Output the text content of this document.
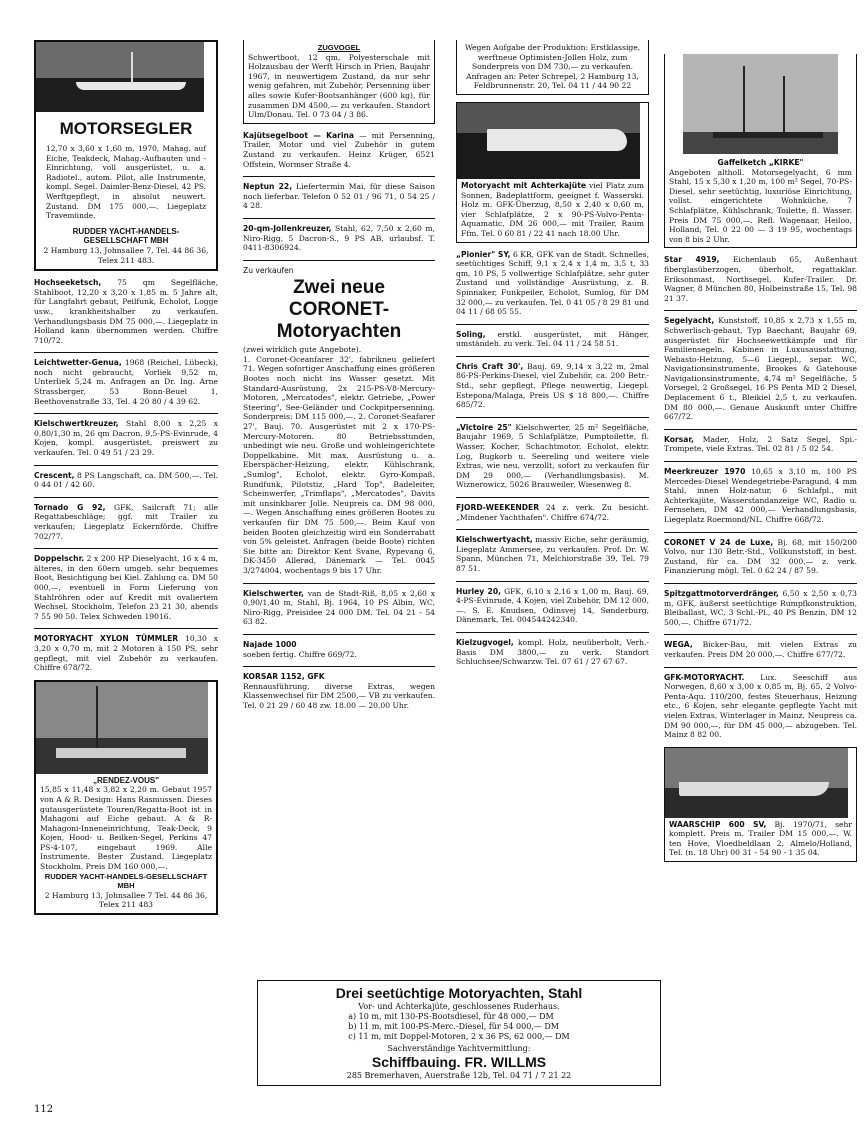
MOTORSEGLER
12,70 x 3,60 x 1,60 m, 1970, Mahag. auf Eiche, Teakdeck, Mahag.-Aufbauten und -Einrichtung, voll ausgerüstet, u. a. Radiotel., autom. Pilot, alle Instrumente, kompl. Segel. Daimler-Benz-Diesel, 42 PS. Werftgepflegt, in absolut neuwert. Zustand. DM 175 000,—. Liegeplatz Travemünde.
RUDDER YACHT-HANDELS-GESELLSCHAFT MBH
2 Hamburg 13, Johnsallee 7, Tel. 44 86 36, Telex 211 483.

Hochseeketsch, 75 qm Segelfläche, Stahlboot, 12,20 x 3,20 x 1,85 m. 5 Jahre alt, für Langfahrt gebaut, Peilfunk, Echolot, Logge usw., krankheitshalber zu verkaufen. Verhandlungsbasis DM 75 000,—. Liegeplatz in Holland kann übernommen werden. Chiffre 710/72.

Leichtwetter-Genua, 1968 (Reichel, Lübeck), noch nicht gebraucht, Vorliek 9,52 m, Unterliek 5,24 m. Anfragen an Dr. Ing. Arne Strassberger, 53 Bonn-Beuel 1, Beethovenstraße 33, Tel. 4 20 80 / 4 39 62.

Kielschwertkreuzer, Stahl 8,00 x 2,25 x 0,80/1,30 m, 26 qm Dacron, 9,5-PS-Evinrude, 4 Kojen, kompl. ausgerüstet, preiswert zu verkaufen. Tel. 0 49 51 / 23 29.

Crescent, 8 PS Langschaft, ca. DM 500,—. Tel. 0 44 01 / 42 60.

Tornado G 92, GFK, Sailcraft 71; alle Regattabeschläge; ggf. mit Trailer zu verkaufen; Liegeplatz Eckernförde. Chiffre 702/77.

Doppelschr. 2 x 200 HP Dieselyacht, 16 x 4 m, älteres, in den 60ern umgeb. sehr bequemes Boot, Besichtigung bei Kiel. Zahlung ca. DM 50 000,—, eventuell in Form Lieferung von Stahlröhren oder auf Kredit mit ovaliertem Wechsel. Stockholm, Telefon 23 21 30, abends 7 55 90 50. Telex Schweden 19016.

MOTORYACHT XYLON TÜMMLER 10,30 x 3,20 x 0,70 m, mit 2 Motoren à 150 PS, sehr gepflegt, mit viel Zubehör zu verkaufen. Chiffre 678/72.

„RENDEZ-VOUS"
15,85 x 11,48 x 3,82 x 2,20 m. Gebaut 1957 von A & R. Design: Hans Rasmussen. Dieses gutausgerüstete Touren/Regatta-Boot ist in Mahagoni auf Eiche gebaut. A & R-Mahagoni-Inneneinrichtung, Teak-Deck, 9 Kojen, Hood- u. Beilken-Segel, Perkins 47 PS-4-107, eingebaut 1969. Alle Instrumente. Bester Zustand. Liegeplatz Stockholm. Preis DM 160 000,—.
RUDDER YACHT-HANDELS-GESELLSCHAFT MBH
2 Hamburg 13, Johnsallee 7 Tel. 44 86 36, Telex 211 483
ZUGVOGEL
Schwertboot, 12 qm, Polyesterschale mit Holzausbau der Werft Hirsch in Prien, Baujahr 1967, in neuwertigem Zustand, da nur sehr wenig gefahren, mit Zubehör, Persenning über alles sowie Kufer-Bootsanhänger (600 kg), für zusammen DM 4500,— zu verkaufen. Standort Ulm/Donau. Tel. 0 73 04 / 3 86.

Kajütsegelboot — Karina — mit Persenning, Trailer, Motor und viel Zubehör in gutem Zustand zu verkaufen. Heinz Krüger, 6521 Offstein, Wormser Straße 4.

Neptun 22, Liefertermin Mai, für diese Saison noch lieferbar. Telefon 0 52 01 / 96 71, 0 54 25 / 4 28.

20-qm-Jollenkreuzer, Stahl, 62, 7,50 x 2,60 m, Niro-Rigg, 5 Dacron-S., 9 PS AB, urlaubsf. T. 0411-8306924.

Zu verkaufen
Zwei neue CORONET-Motoryachten
(zwei wirklich gute Angebote).
1. Coronet-Oceanfarer 32', fabrikneu geliefert 71. Wegen sofortiger Anschaffung eines größeren Bootes noch nicht ins Wasser gesetzt. Mit Standard-Ausrüstung, 2x 215-PS-V8-Mercury-Motoren, „Mercatodes", elektr. Getriebe, „Power Steering", See-Geländer und Cockpitpersenning. Sonderpreis: DM 115 000,—. 2. Coronet-Seafarer 27', Bauj. 70. Ausgerüstet mit 2 x 170-PS-Mercury-Motoren. 80 Betriebsstunden, unbedingt wie neu. Große und wohleingerichtete Doppelkabine. Mit max. Ausrüstung u. a. Eberspächer-Heizung, elektr. Kühlschrank, „Sumlog", Echolot, elektr. Gyro-Kompaß, Rundfunk, Pilotstiz, „Hard Top", Badeleiter, Scheinwerfer, „Trimflaps", „Mercatodes", Davits mit unsinkbarer Jolle. Neupreis ca. DM 98 000,—. Wegen Anschaffung eines größeren Bootes zu verkaufen für DM 75 500,—. Beim Kauf von beiden Booten gleichzeitig wird ein Sonderrabatt von 5% geleistet. Anfragen (beide Boote) richten Sie bitte an: Direktor Kent Svane, Rypevang 6, DK-3450 Allerød, Dänemark — Tel. 0045 3/274004, wochentags 9 bis 17 Uhr.

Kielschwerter, van de Stadt-Riß, 8,05 x 2,60 x 0,90/1,40 m, Stahl, Bj. 1964, 10 PS Albin, WC, Niro-Rigg, Preisidee 24 000 DM. Tel. 04 21 - 54 63 82.

Najade 1000
soeben fertig. Chiffre 669/72.

KORSAR 1152, GFK
Rennausführung, diverse Extras, wegen Klassenwechsel für DM 2500,— VB zu verkaufen. Tel. 0 21 29 / 60 48 zw. 18.00 — 20.00 Uhr.

Wegen Aufgabe der Produktion: Erstklassige, werftneue Optimisten-Jollen Holz, zum Sonderpreis von DM 730,— zu verkaufen. Anfragen an: Peter Schrepel, 2 Hamburg 13, Feldbrunnenstr. 20, Tel. 04 11 / 44 90 22
Motoryacht mit Achterkajüte viel Platz zum Sonnen, Badeplattform, geeignet f. Wasserski. Holz m. GFK-Überzug, 8,50 x 2,40 x 0,60 m, vier Schlafplätze, 2 x 90-PS-Volvo-Penta-Aquamatic, DM 26 000,— mit Trailer, Raum Ffm. Tel. 0 60 81 / 22 41 nach 18.00 Uhr.

„Pionier" SY, 6 KR, GFK van de Stadt. Schnelles, seetüchtiges Schiff, 9,1 x 2,4 x 1,4 m, 3,5 t, 33 qm, 10 PS, 5 vollwertige Schlafplätze, sehr guter Zustand und vollständige Ausrüstung, z. B. Spinnaker, Funkpeiler, Echolot, Sumlog, für DM 32 000,— zu verkaufen. Tel. 0 41 05 / 8 29 81 und 04 11 / 68 05 55.

Soling, erstkl. ausgerüstet, mit Hänger, umständeh. zu verk. Tel. 04 11 / 24 58 51.

Chris Craft 30', Bauj. 69, 9,14 x 3,22 m, 2mal 86-PS-Perkins-Diesel, viel Zubehör, ca. 200 Betr.-Std., sehr gepflegt, Pflege neuwertig, Liegepl. Estepona/Malaga, Preis US $ 18 800,—. Chiffre 685/72.

„Victoire 25" Kielschwerter, 25 m² Segelfläche, Baujahr 1969, 5 Schlafplätze, Pumptoilette, fl. Wasser, Kocher, Schachtmotor, Echolot, elektr. Log, Bugkorb u. Seereling und weitere viele Extras, wie neu, verzollt, sofort zu verkaufen für DM 29 000,— (Verhandlungsbasis). M. Wiznerowicz, 5026 Brauweiler, Wiesenweg 8.

FJORD-WEEKENDER 24 z. verk. Zu besicht. „Mindener Yachthafen". Chiffre 674/72.

Kielschwertyacht, massiv Eiche, sehr geräumig, Liegeplatz Ammersee, zu verkaufen. Prof. Dr. W. Spann, München 71, Melchiorstraße 39, Tel. 79 87 51.

Hurley 20, GFK, 6,10 x 2,16 x 1,00 m, Bauj. 69, 4-PS-Evinrude, 4 Kojen, viel Zubehör, DM 12 000,—. S. E. Knudsen, Odinsvej 14, Sønderburg, Dänemark, Tel. 004544242340.

Kielzugvogel, kompl. Holz, neuüberholt, Verh.-Basis DM 3800,— zu verk. Standort Schluchsee/Schwarzw. Tel. 07 61 / 27 67 67.

Gaffelketch „KIRKE"
Angeboten altholl. Motorsegelyacht, 6 mm Stahl, 15 x 5,30 x 1,20 m, 100 m² Segel, 70-PS-Diesel, sehr seetüchtig, luxuriöse Einrichtung, vollst. eingerichtete Wohnküche, 7 Schlafplätze, Kühlschrank, Toilette, fl. Wasser. Preis DM 75 000,—. Refl. Wagenaar, Heiloo, Holland, Tel. 0 22 00 — 3 19 95, wochentags von 8 bis 2 Uhr.

Star 4919, Eichenlaub 65, Außenhaut fiberglasüberzogen, überholt, regattaklar. Eriksonmast, Northsegel, Kufer-Trailer. Dr. Wagner, 8 München 80, Holbeinstraße 15, Tel. 98 21 37.

Segelyacht, Kunststoff, 10,85 x 2,73 x 1,55 m, Schwerlisch-gebaut, Typ Baechant, Baujahr 69, ausgerüstet für Hochseewettkämpfe und für Familiensegeln. Kabinen in Luxusausstattung, Webasto-Heizung, 5—6 Liegepl., separ. WC, Navigationsinstrumente, Brookes & Gatehouse Navigationsinstrumente, 4,74 m² Segelfläche, 5 Vorsegel, 2 Großsegel, 16 PS Penta MD 2 Diesel, Deplacement 6 t., Bleikiel 2,5 t, zu verkaufen. DM 80 000,—. Genaue Auskunft unter Chiffre 667/72.

Korsar, Mader, Holz, 2 Satz Segel, Spi.-Trompete, viele Extras. Tel. 02 81 / 5 02 54.

Meerkreuzer 1970 10,65 x 3,10 m, 100 PS Mercedes-Diesel Wendegetriebe-Paragund, 4 mm Stahl, innen Holz-natur, 6 Schlafpl., mit Achterkajüte, Wasserstandanzeige WC, Radio u. Fernsehen, DM 42 000,— Verhandlungsbasis, Liegeplatz Roermond/NL. Chiffre 668/72.

CORONET V 24 de Luxe, Bj. 68, mit 150/200 Volvo, nur 130 Betr.-Std., Vollkunststoff, in best. Zustand, für ca. DM 32 000,— z. verk. Finanzierung mögl. Tel. 0 62 24 / 87 59.

Spitzgattmotorverdränger, 6,50 x 2,50 x 0,73 m, GFK, äußerst seetüchtige Rumpfkonstruktion, Bleiballast, WC, 3 Schl.-Pl., 40 PS Benzin, DM 12 500,—. Chiffre 671/72.

WEGA, Bicker-Bau, mit vielen Extras zu verkaufen. Preis DM 20 000,—. Chiffre 677/72.

GFK-MOTORYACHT. Lux. Seeschiff aus Norwegen, 8,60 x 3,00 x 0,85 m, Bj. 65, 2 Volvo-Penta-Aqu. 110/200, festes Steuerhaus, Heizung etc., 6 Kojen, sehr elegante gepflegte Yacht mit vielen Extras, Winterlager in Mainz, Neupreis ca. DM 90 000,—, für DM 45 000,— abzugeben. Tel. Mainz 8 82 00.

WAARSCHIP 600 SV, Bj. 1970/71, sehr komplett. Preis m. Trailer DM 15 000,—. W. ten Hove, Vloedbeldlaan 2, Almelo/Holland, Tel. (n. 18 Uhr) 00 31 - 54 90 - 1 35 04.
Drei seetüchtige Motoryachten, Stahl
Vor- und Achterkajüte, geschlossenes Ruderhaus.
a) 10 m, mit 130-PS-Bootsdiesel, für 48 000,— DM
b) 11 m, mit 100-PS-Merc.-Diesel, für 54 000,— DM
c) 11 m, mit Doppel-Motoren, 2 x 36 PS, 62 000,— DM
Sachverständige Yachtvermittlung:
Schiffbauing. FR. WILLMS
285 Bremerhaven, Auerstraße 12b, Tel. 04 71 / 7 21 22
112
